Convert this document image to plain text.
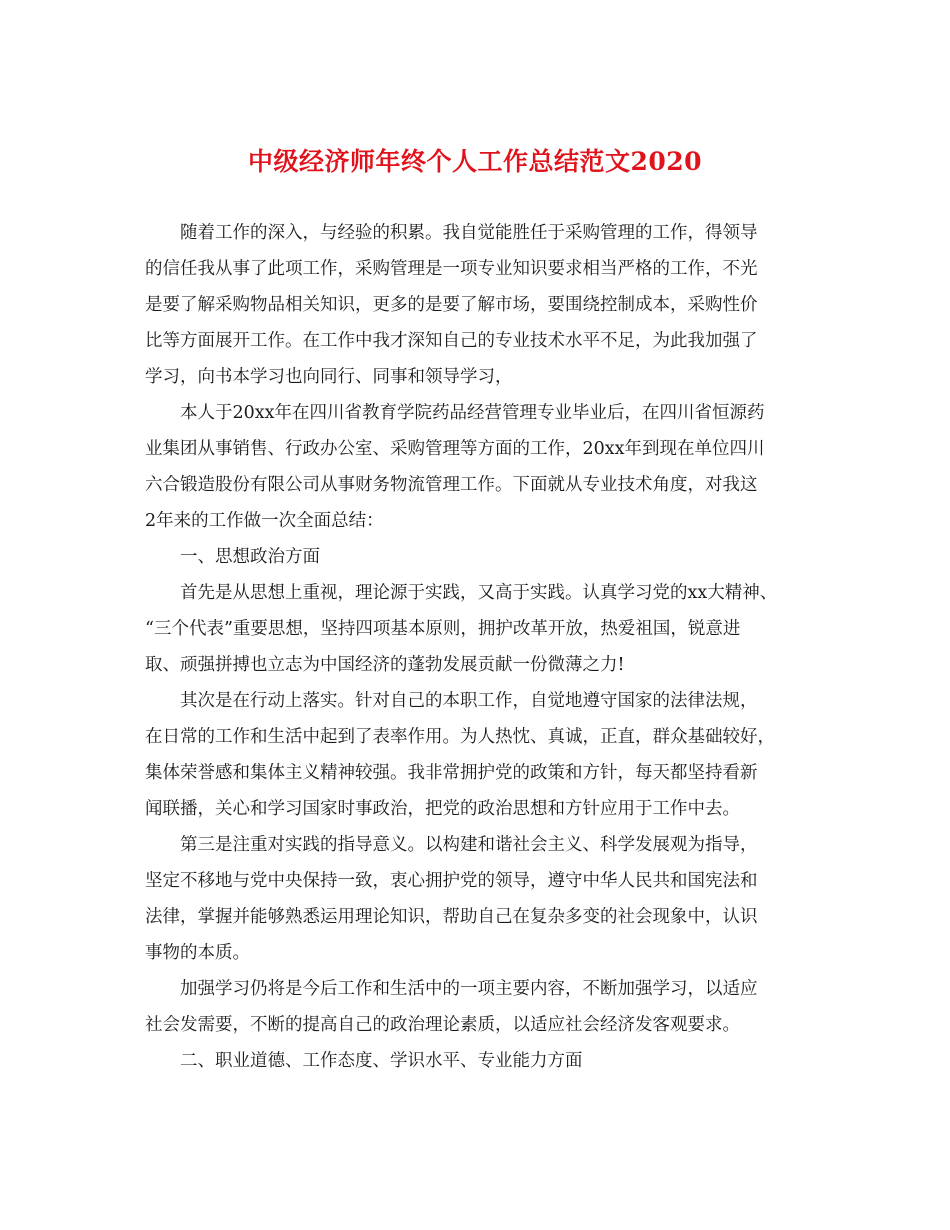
中级经济师年终个人工作总结范文2020

随着工作的深入，与经验的积累。我自觉能胜任于采购管理的工作，得领导

的信任我从事了此项工作，采购管理是一项专业知识要求相当严格的工作，不光

是要了解采购物品相关知识，更多的是要了解市场，要围绕控制成本，采购性价

比等方面展开工作。在工作中我才深知自己的专业技术水平不足，为此我加强了

学习，向书本学习也向同行、同事和领导学习，

本人于20xx年在四川省教育学院药品经营管理专业毕业后，在四川省恒源药

业集团从事销售、行政办公室、采购管理等方面的工作，20xx年到现在单位四川

六合锻造股份有限公司从事财务物流管理工作。下面就从专业技术角度，对我这

2年来的工作做一次全面总结：

一、思想政治方面

首先是从思想上重视，理论源于实践，又高于实践。认真学习党的xx大精神、

“三个代表”重要思想，坚持四项基本原则，拥护改革开放，热爱祖国，锐意进

取、顽强拼搏也立志为中国经济的蓬勃发展贡献一份微薄之力!

其次是在行动上落实。针对自己的本职工作，自觉地遵守国家的法律法规，

在日常的工作和生活中起到了表率作用。为人热忱、真诚，正直，群众基础较好，

集体荣誉感和集体主义精神较强。我非常拥护党的政策和方针，每天都坚持看新

闻联播，关心和学习国家时事政治，把党的政治思想和方针应用于工作中去。

第三是注重对实践的指导意义。以构建和谐社会主义、科学发展观为指导，

坚定不移地与党中央保持一致，衷心拥护党的领导，遵守中华人民共和国宪法和

法律，掌握并能够熟悉运用理论知识，帮助自己在复杂多变的社会现象中，认识

事物的本质。

加强学习仍将是今后工作和生活中的一项主要内容，不断加强学习，以适应

社会发需要，不断的提高自己的政治理论素质，以适应社会经济发客观要求。

二、职业道德、工作态度、学识水平、专业能力方面
